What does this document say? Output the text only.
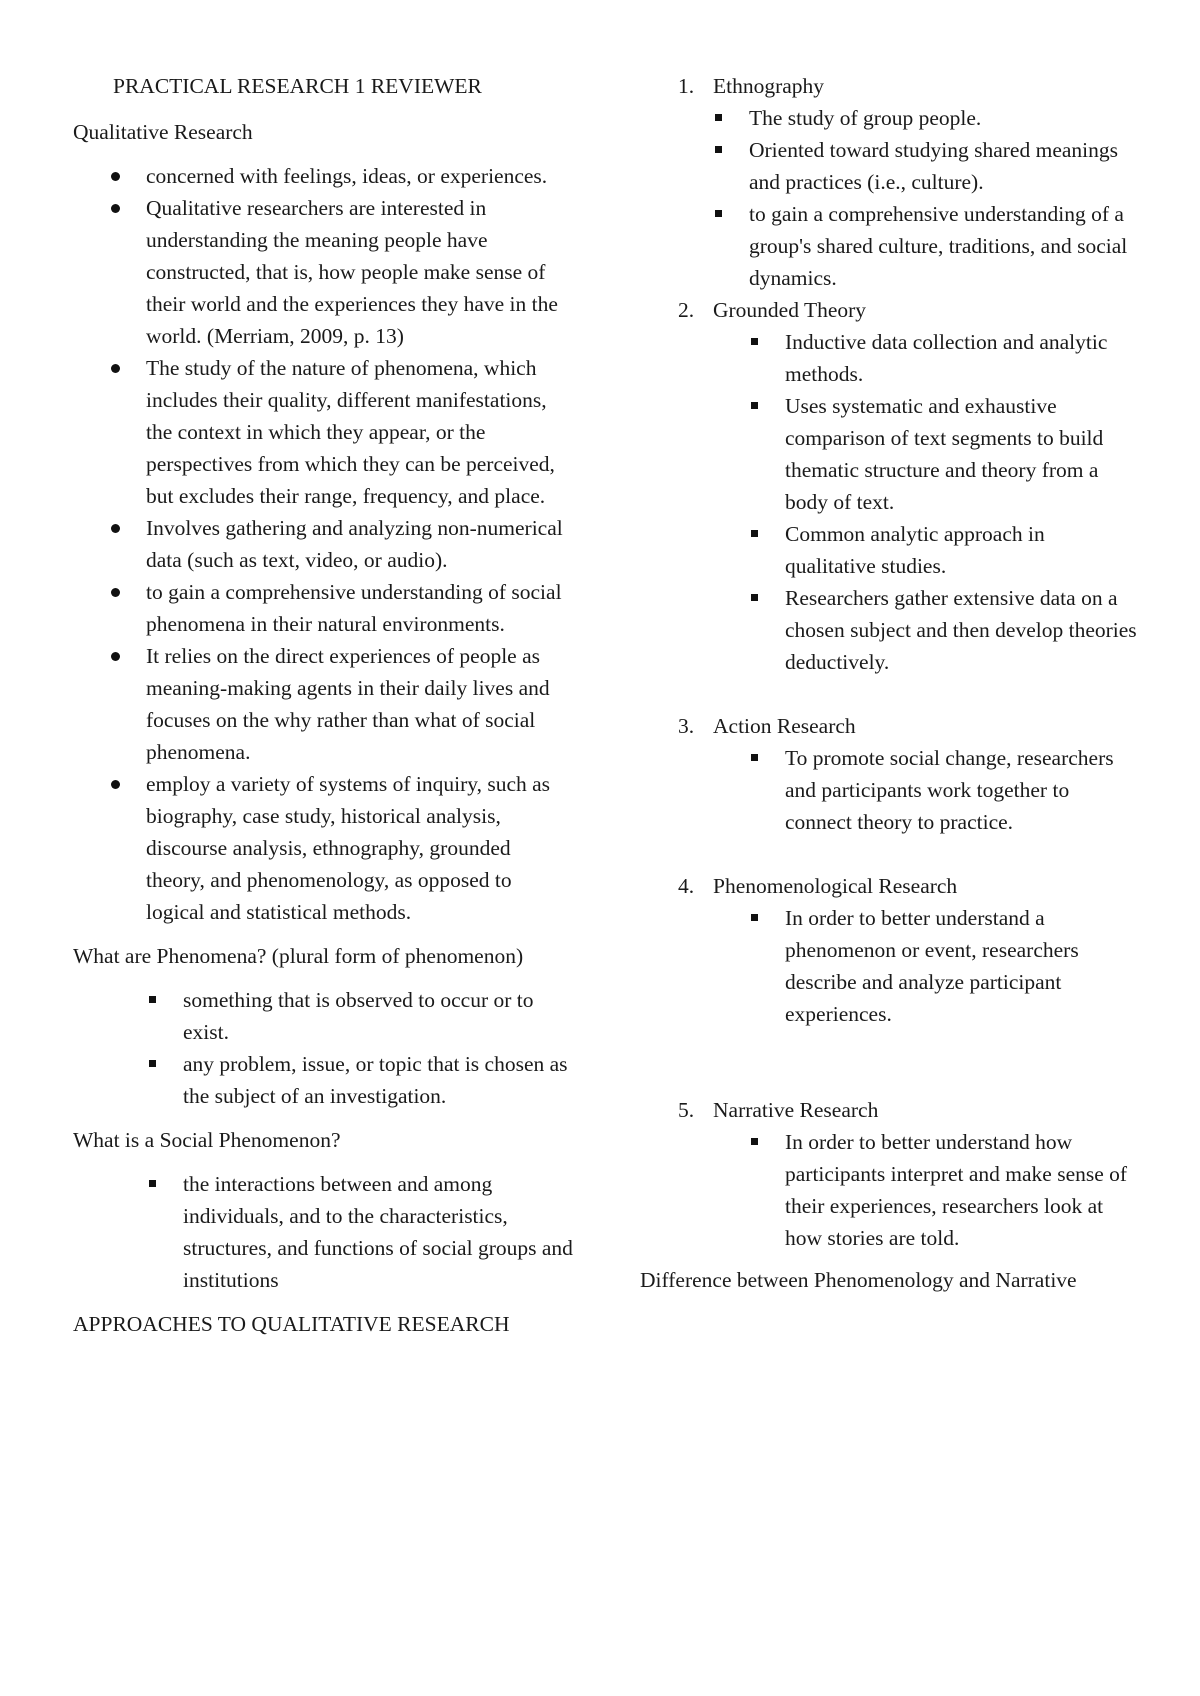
PRACTICAL RESEARCH 1 REVIEWER

Qualitative Research

concerned with feelings, ideas, or experiences.
Qualitative researchers are interested in understanding the meaning people have constructed, that is, how people make sense of their world and the experiences they have in the world. (Merriam, 2009, p. 13)
The study of the nature of phenomena, which includes their quality, different manifestations, the context in which they appear, or the perspectives from which they can be perceived, but excludes their range, frequency, and place.
Involves gathering and analyzing non-numerical data (such as text, video, or audio).
to gain a comprehensive understanding of social phenomena in their natural environments.
It relies on the direct experiences of people as meaning-making agents in their daily lives and focuses on the why rather than what of social phenomena.
employ a variety of systems of inquiry, such as biography, case study, historical analysis, discourse analysis, ethnography, grounded theory, and phenomenology, as opposed to logical and statistical methods.

What are Phenomena? (plural form of phenomenon)

something that is observed to occur or to exist.
any problem, issue, or topic that is chosen as the subject of an investigation.

What is a Social Phenomenon?

the interactions between and among individuals, and to the characteristics, structures, and functions of social groups and institutions

APPROACHES TO QUALITATIVE RESEARCH

1. Ethnography
The study of group people.
Oriented toward studying shared meanings and practices (i.e., culture).
to gain a comprehensive understanding of a group's shared culture, traditions, and social dynamics.
2. Grounded Theory
Inductive data collection and analytic methods.
Uses systematic and exhaustive comparison of text segments to build thematic structure and theory from a body of text.
Common analytic approach in qualitative studies.
Researchers gather extensive data on a chosen subject and then develop theories deductively.
3. Action Research
To promote social change, researchers and participants work together to connect theory to practice.
4. Phenomenological Research
In order to better understand a phenomenon or event, researchers describe and analyze participant experiences.
5. Narrative Research
In order to better understand how participants interpret and make sense of their experiences, researchers look at how stories are told.

Difference between Phenomenology and Narrative
